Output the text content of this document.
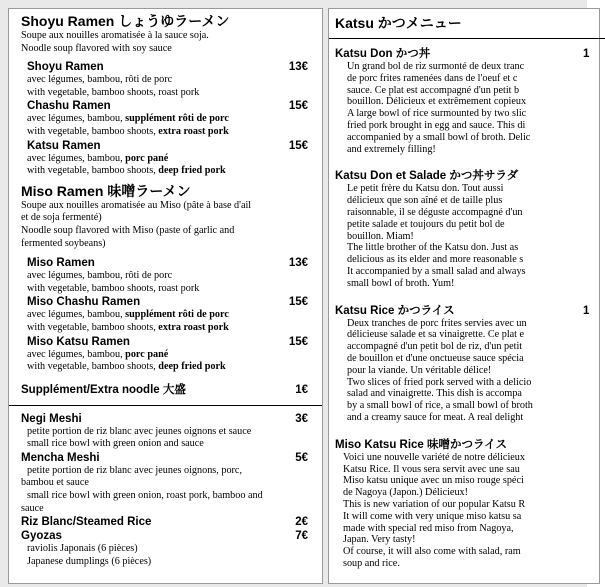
Shoyu Ramen しょうゆラーメン

Soupe aux nouilles aromatisée à la sauce soja.

Noodle soup flavored with soy sauce

Shoyu Ramen	13€

avec légumes, bambou, rôti de porc

with vegetable, bamboo shoots, roast pork

Chashu Ramen	15€

avec légumes, bambou, supplément rôti de porc

with vegetable, bamboo shoots, extra roast pork

Katsu Ramen	15€

avec légumes, bambou, porc pané

with vegetable, bamboo shoots, deep fried pork

Miso Ramen 味噌ラーメン

Soupe aux nouilles aromatisée au Miso (pâte à base d'ail

et de soja fermenté)

Noodle soup flavored with Miso (paste of garlic and

fermented soybeans)

Miso Ramen	13€

avec légumes, bambou, rôti de porc

with vegetable, bamboo shoots, roast pork

Miso Chashu Ramen	15€

avec légumes, bambou, supplément rôti de porc

with vegetable, bamboo shoots, extra roast pork

Miso Katsu Ramen	15€

avec légumes, bambou, porc pané

with vegetable, bamboo shoots, deep fried pork

Supplément/Extra noodle 大盛	1€

Negi Meshi	3€

petite portion de riz blanc avec jeunes oignons et sauce

small rice bowl with green onion and sauce

Mencha Meshi	5€

petite portion de riz blanc avec jeunes oignons, porc,

bambou et sauce

small rice bowl with green onion, roast pork, bamboo and

sauce

Riz Blanc/Steamed Rice	2€

Gyozas	7€

raviolis Japonais (6 pièces)

Japanese dumplings (6 pièces)

Katsu かつメニュー

Katsu Don かつ丼	1

Un grand bol de riz surmonté de deux tranc

de porc frites ramenées dans de l'oeuf et c

sauce. Ce plat est accompagné d'un petit b

bouillon. Délicieux et extrêmement copieux

A large bowl of rice surmounted by two slic

fried pork brought in egg and sauce. This di

accompanied by a small bowl of broth. Delic

and extremely filling!

Katsu Don et Salade かつ丼サラダ

Le petit frère du Katsu don. Tout aussi

délicieux que son aîné et de taille plus

raisonnable, il se déguste accompagné d'un

petite salade et toujours du petit bol de

bouillon. Miam!

The little brother of the Katsu don. Just as

delicious as its elder and more reasonable s

It accompanied by a small salad and always

small bowl of broth. Yum!

Katsu Rice かつライス	1

Deux tranches de porc frites servies avec un

délicieuse salade et sa vinaigrette. Ce plat e

accompagné d'un petit bol de riz, d'un petit

de bouillon et d'une onctueuse sauce spécia

pour la viande. Un véritable délice!

Two slices of fried pork served with a delicio

salad and vinaigrette. This dish is accompa

by a small bowl of rice, a small bowl of broth

and a creamy sauce for meat. A real delight

Miso Katsu Rice 味噌かつライス

Voici une nouvelle variété de notre délicieux

Katsu Rice. Il vous sera servit avec une sau

Miso katsu unique avec un miso rouge spéci

de Nagoya (Japon.) Délicieux!

This is new variation of our popular Katsu R

It will come with very unique miso katsu sa

made with special red miso from Nagoya,

Japan. Very tasty!

Of course, it will also come with salad, ram

soup and rice.
